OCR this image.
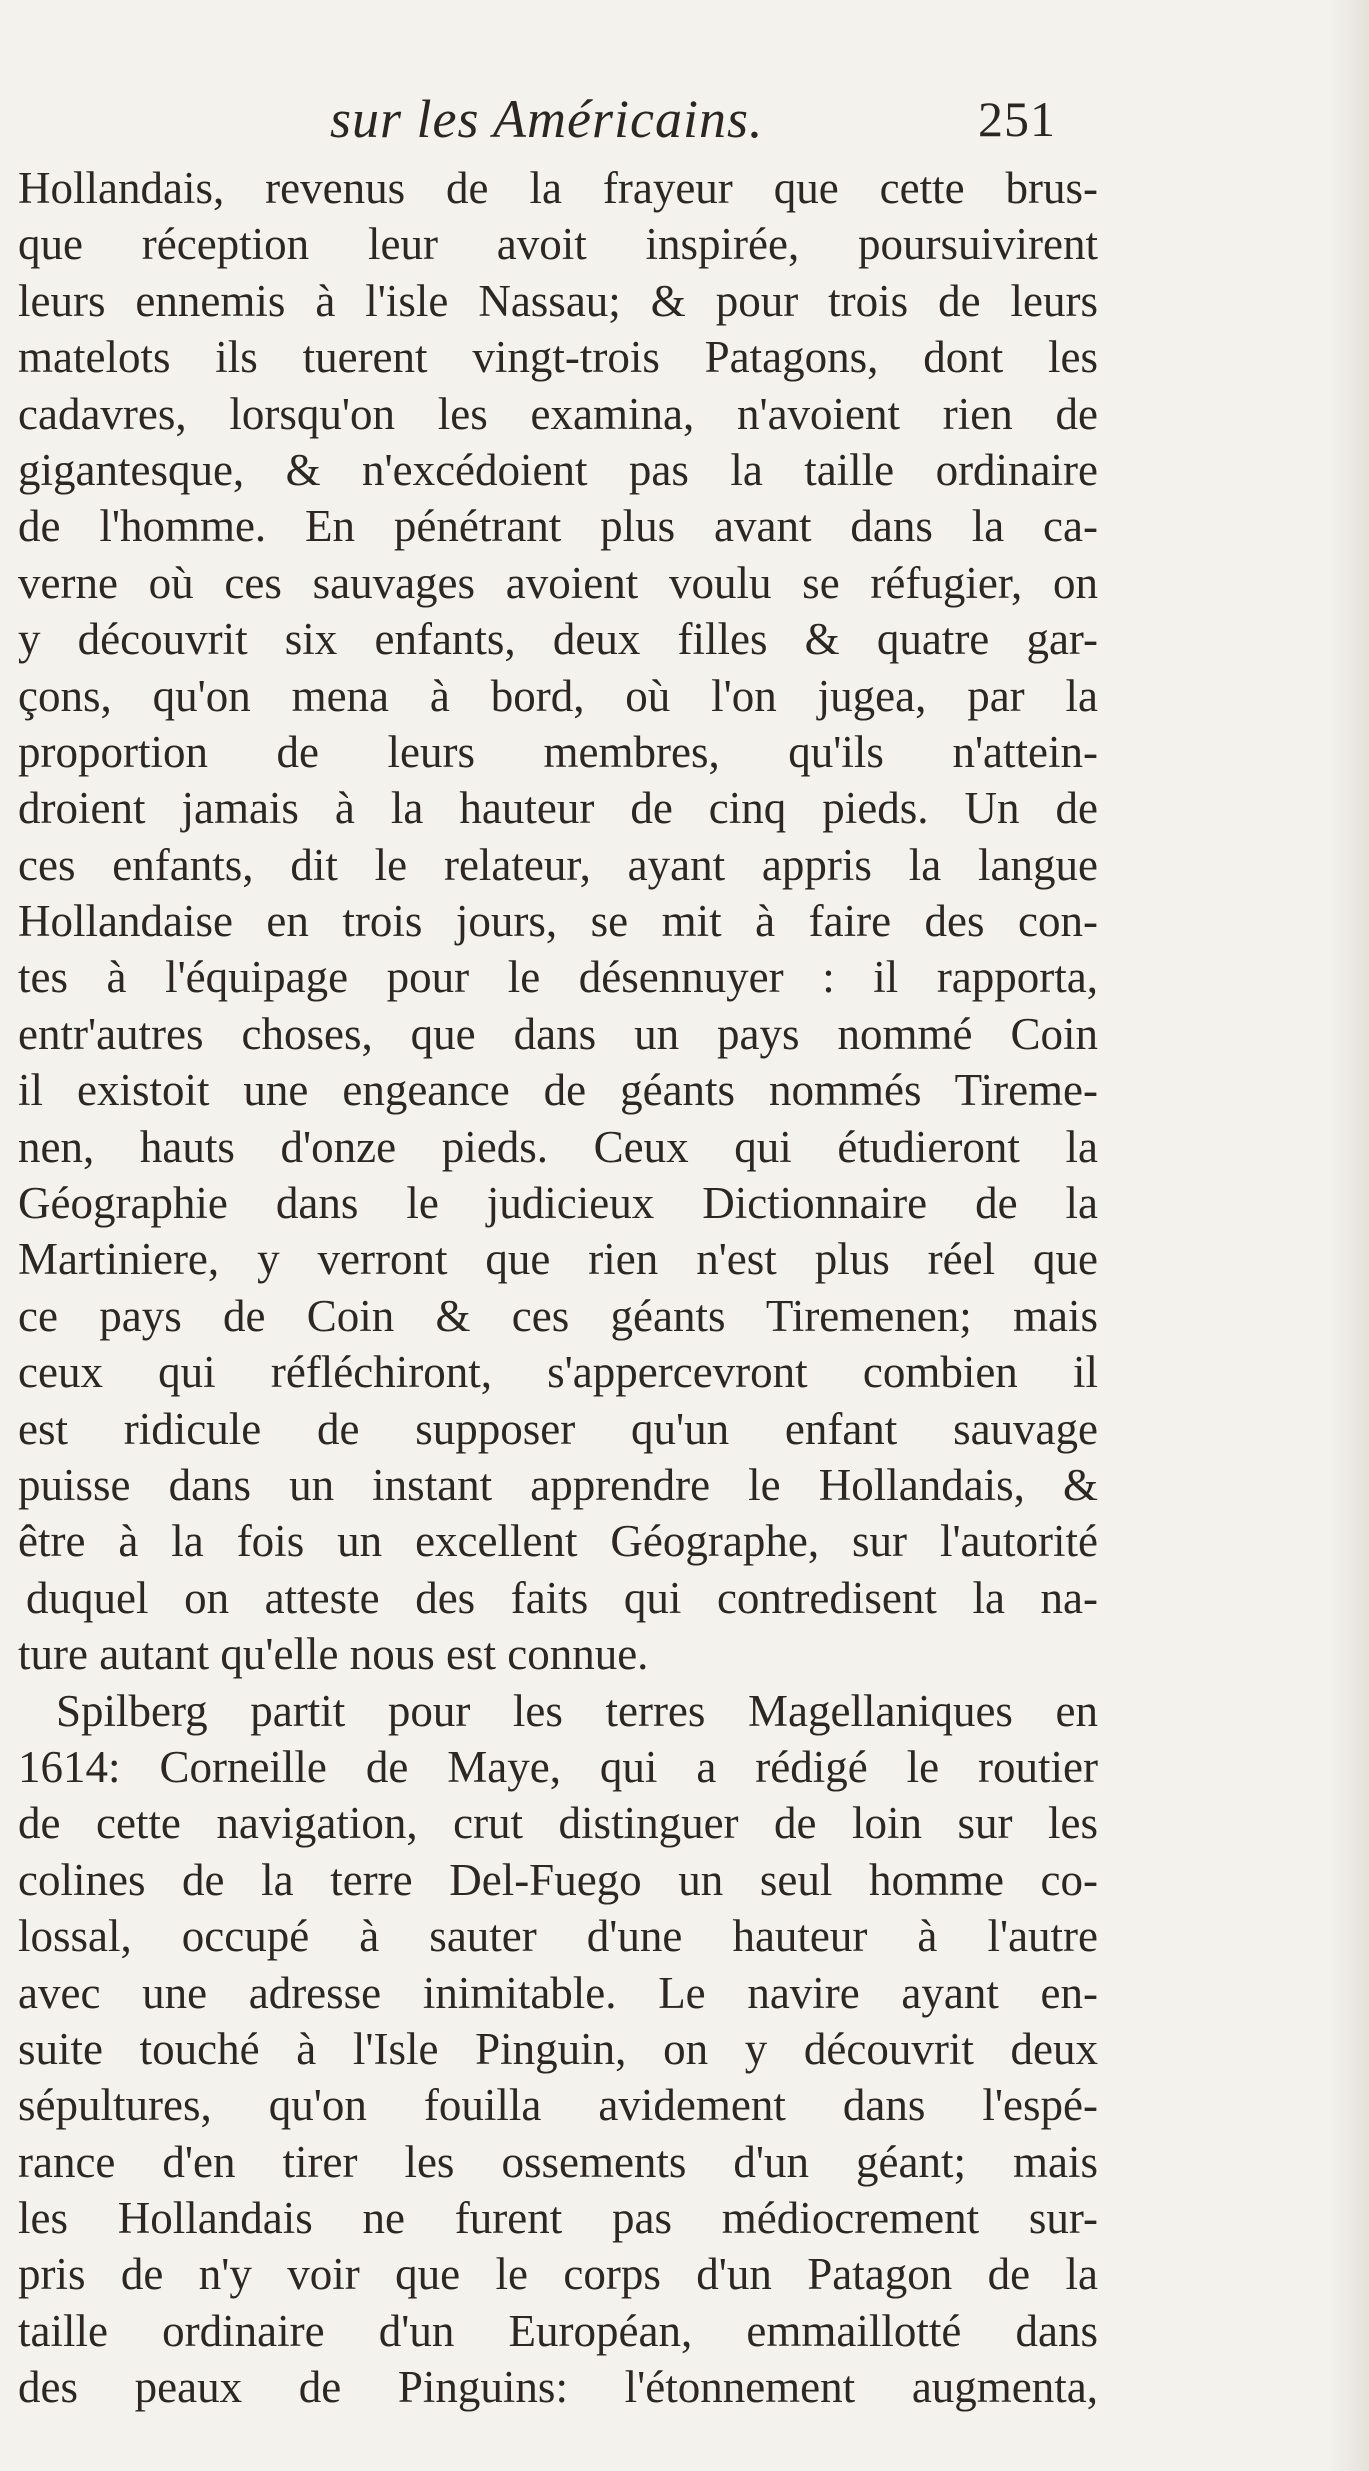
sur les Américains.	251
Hollandais, revenus de la frayeur que cette brus-
que réception leur avoit inspirée, poursuivirent
leurs ennemis à l'isle Nassau; & pour trois de leurs
matelots ils tuerent vingt-trois Patagons, dont les
cadavres, lorsqu'on les examina, n'avoient rien de
gigantesque, & n'excédoient pas la taille ordinaire
de l'homme. En pénétrant plus avant dans la ca-
verne où ces sauvages avoient voulu se réfugier, on
y découvrit six enfants, deux filles & quatre gar-
çons, qu'on mena à bord, où l'on jugea, par la
proportion de leurs membres, qu'ils n'attein-
droient jamais à la hauteur de cinq pieds. Un de
ces enfants, dit le relateur, ayant appris la langue
Hollandaise en trois jours, se mit à faire des con-
tes à l'équipage pour le désennuyer : il rapporta,
entr'autres choses, que dans un pays nommé Coin
il existoit une engeance de géants nommés Tireme-
nen, hauts d'onze pieds. Ceux qui étudieront la
Géographie dans le judicieux Dictionnaire de la
Martiniere, y verront que rien n'est plus réel que
ce pays de Coin & ces géants Tiremenen; mais
ceux qui réfléchiront, s'appercevront combien il
est ridicule de supposer qu'un enfant sauvage
puisse dans un instant apprendre le Hollandais, &
être à la fois un excellent Géographe, sur l'autorité
duquel on atteste des faits qui contredisent la na-
ture autant qu'elle nous est connue.
Spilberg partit pour les terres Magellaniques en
1614: Corneille de Maye, qui a rédigé le routier
de cette navigation, crut distinguer de loin sur les
colines de la terre Del-Fuego un seul homme co-
lossal, occupé à sauter d'une hauteur à l'autre
avec une adresse inimitable. Le navire ayant en-
suite touché à l'Isle Pinguin, on y découvrit deux
sépultures, qu'on fouilla avidement dans l'espé-
rance d'en tirer les ossements d'un géant; mais
les Hollandais ne furent pas médiocrement sur-
pris de n'y voir que le corps d'un Patagon de la
taille ordinaire d'un Européan, emmaillotté dans
des peaux de Pinguins: l'étonnement augmenta,
